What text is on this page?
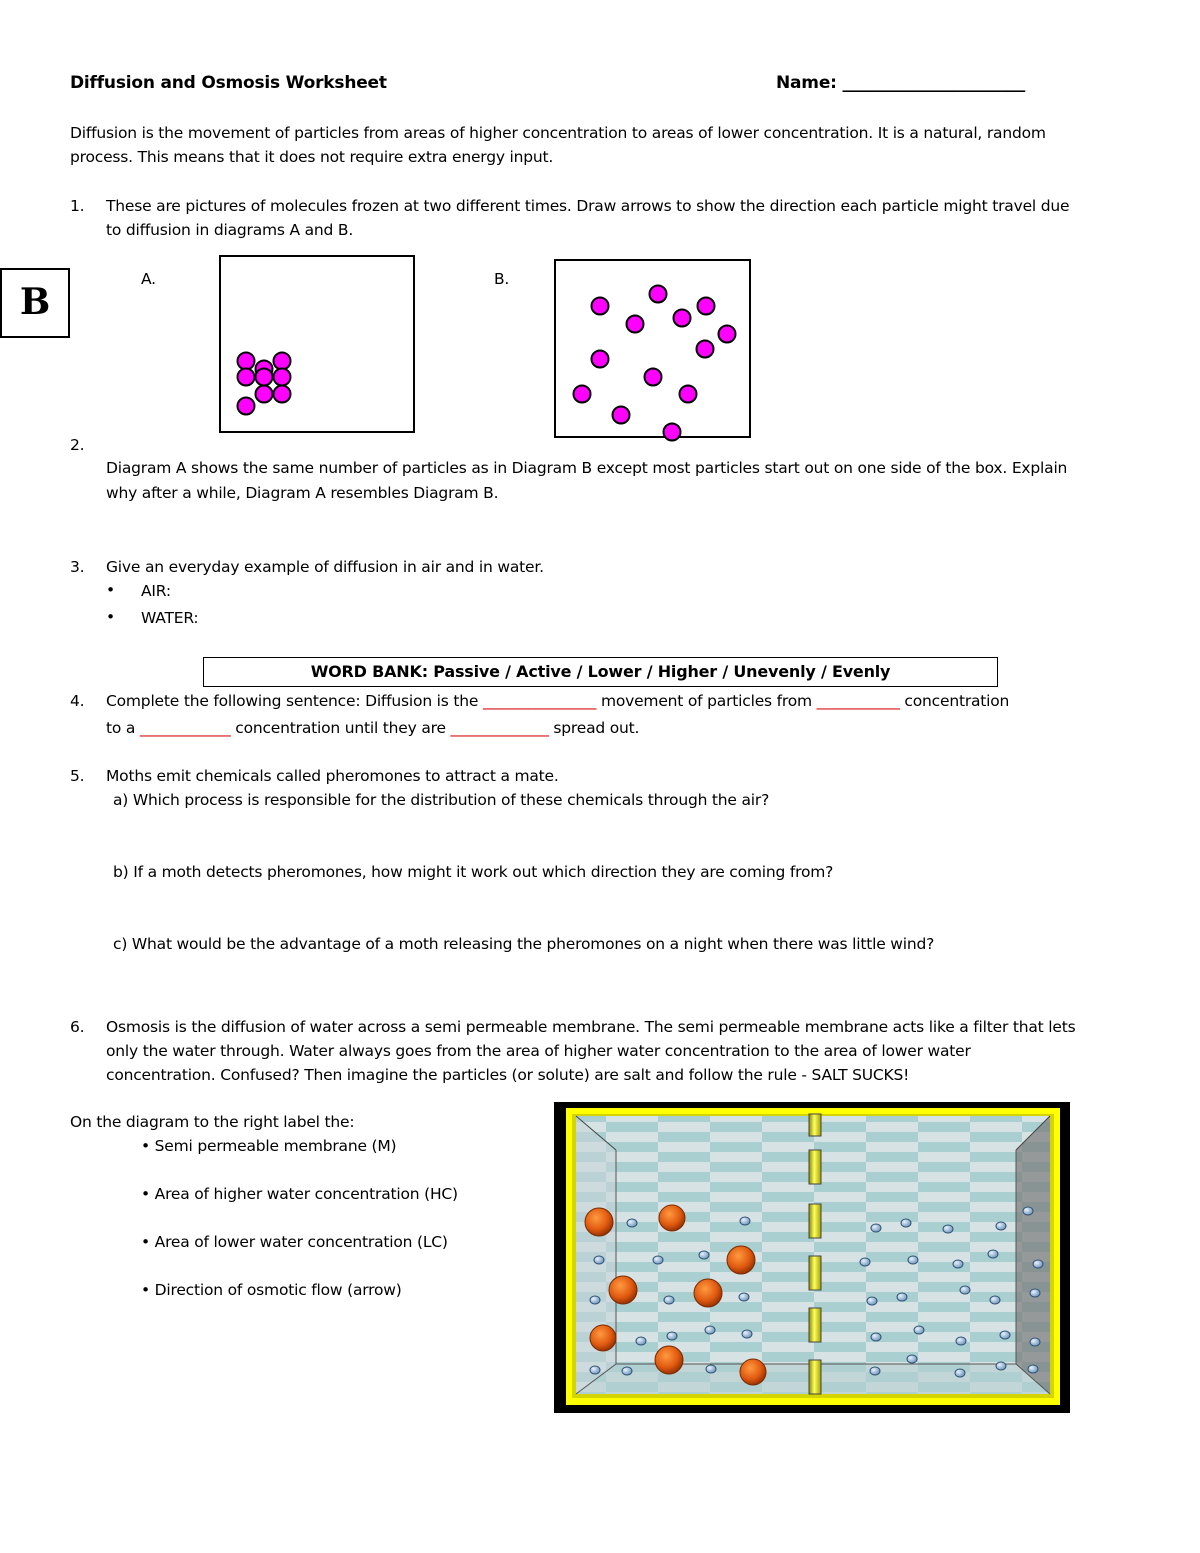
Diffusion and Osmosis Worksheet	Name: ______________________
B
Diffusion is the movement of particles from areas of higher concentration to areas of lower concentration. It is a natural, random
process. This means that it does not require extra energy input.
1. These are pictures of molecules frozen at two different times. Draw arrows to show the direction each particle might travel due
to diffusion in diagrams A and B.
A.	B.
2.
Diagram A shows the same number of particles as in Diagram B except most particles start out on one side of the box. Explain
why after a while, Diagram A resembles Diagram B.
3. Give an everyday example of diffusion in air and in water.
• AIR:
• WATER:
WORD BANK: Passive / Active / Lower / Higher / Unevenly / Evenly
4. Complete the following sentence: Diffusion is the _______________ movement of particles from ___________ concentration
to a ____________ concentration until they are _____________ spread out.
5. Moths emit chemicals called pheromones to attract a mate.
a) Which process is responsible for the distribution of these chemicals through the air?
b) If a moth detects pheromones, how might it work out which direction they are coming from?
c) What would be the advantage of a moth releasing the pheromones on a night when there was little wind?
6. Osmosis is the diffusion of water across a semi permeable membrane. The semi permeable membrane acts like a filter that lets
only the water through. Water always goes from the area of higher water concentration to the area of lower water
concentration. Confused? Then imagine the particles (or solute) are salt and follow the rule - SALT SUCKS!
On the diagram to the right label the:
• Semi permeable membrane (M)
• Area of higher water concentration (HC)
• Area of lower water concentration (LC)
• Direction of osmotic flow (arrow)
